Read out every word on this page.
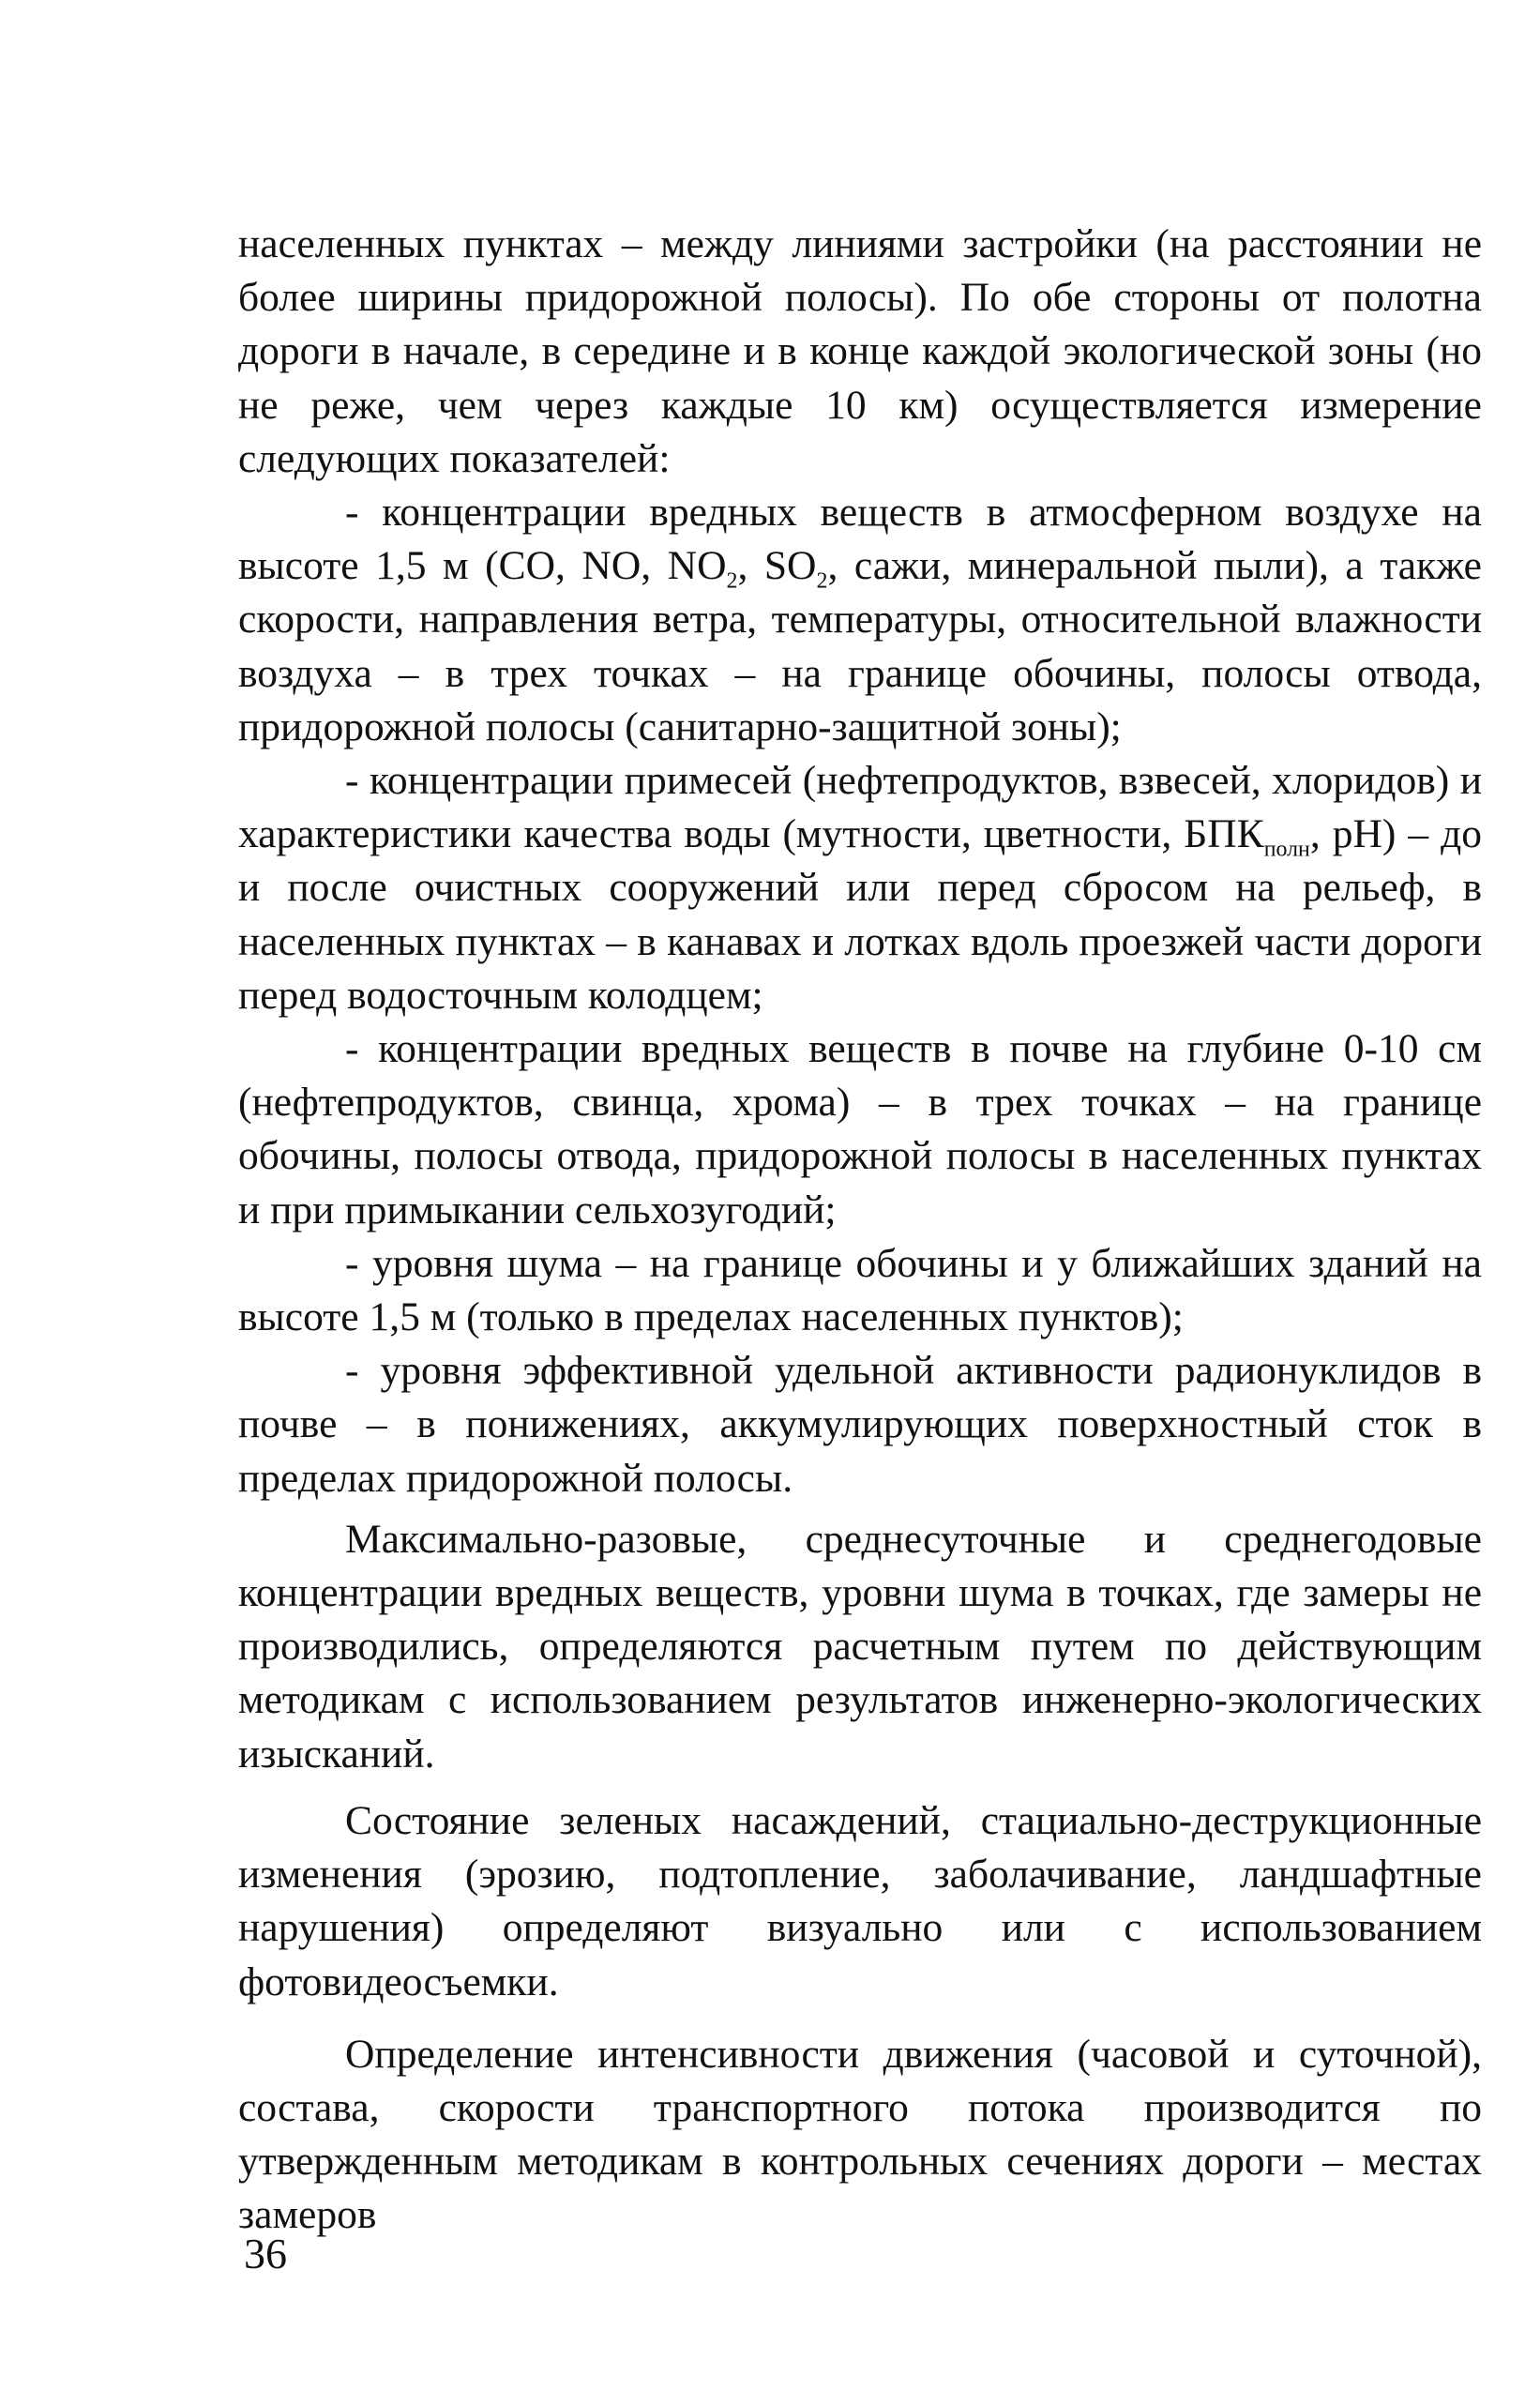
населенных пунктах – между линиями застройки (на расстоянии не более ширины придорожной полосы). По обе стороны от полотна дороги в начале, в середине и в конце каждой экологической зоны (но не реже, чем через каждые 10 км) осуществляется измерение следующих показателей:

- концентрации вредных веществ в атмосферном воздухе на высоте 1,5 м (CO, NO, $NO_2$, $SO_2$, сажи, минеральной пыли), а также скорости, направления ветра, температуры, относительной влажности воздуха – в трех точках – на границе обочины, полосы отвода, придорожной полосы (санитарно-защитной зоны);

- концентрации примесей (нефтепродуктов, взвесей, хлоридов) и характеристики качества воды (мутности, цветности, $БПК_{полн}$, pH) – до и после очистных сооружений или перед сбросом на рельеф, в населенных пунктах – в канавах и лотках вдоль проезжей части дороги перед водосточным колодцем;

- концентрации вредных веществ в почве на глубине 0-10 см (нефтепродуктов, свинца, хрома) – в трех точках – на границе обочины, полосы отвода, придорожной полосы в населенных пунктах и при примыкании сельхозугодий;

- уровня шума – на границе обочины и у ближайших зданий на высоте 1,5 м (только в пределах населенных пунктов);

- уровня эффективной удельной активности радионуклидов в почве – в понижениях, аккумулирующих поверхностный сток в пределах придорожной полосы.

Максимально-разовые, среднесуточные и среднегодовые концентрации вредных веществ, уровни шума в точках, где замеры не производились, определяются расчетным путем по действующим методикам с использованием результатов инженерно-экологических изысканий.

Состояние зеленых насаждений, стациально-деструкционные изменения (эрозию, подтопление, заболачивание, ландшафтные нарушения) определяют визуально или с использованием фотовидеосъемки.

Определение интенсивности движения (часовой и суточной), состава, скорости транспортного потока производится по утвержденным методикам в контрольных сечениях дороги – местах замеров

36
